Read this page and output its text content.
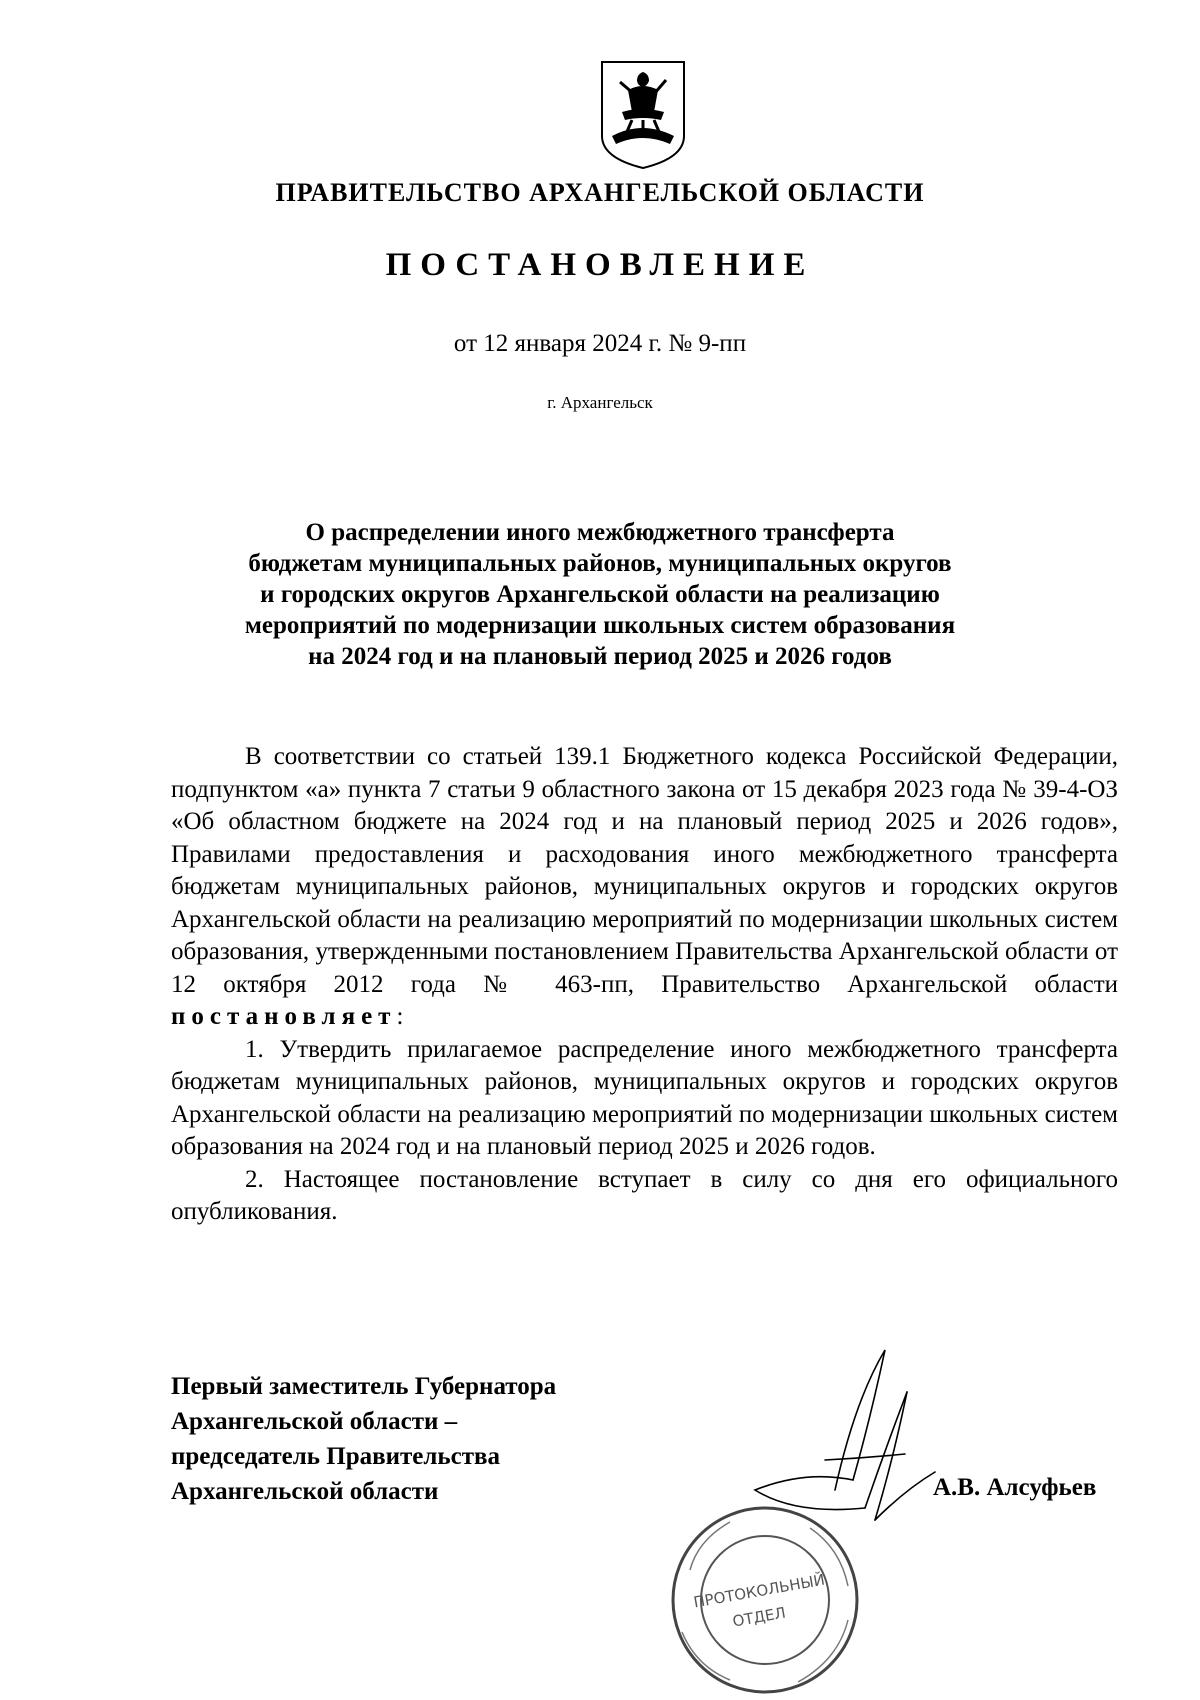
ПРАВИТЕЛЬСТВО АРХАНГЕЛЬСКОЙ ОБЛАСТИ
ПОСТАНОВЛЕНИЕ
от 12 января 2024 г. № 9-пп
г. Архангельск
О распределении иного межбюджетного трансферта
бюджетам муниципальных районов, муниципальных округов
и городских округов Архангельской области на реализацию
мероприятий по модернизации школьных систем образования
на 2024 год и на плановый период 2025 и 2026 годов

В соответствии со статьей 139.1 Бюджетного кодекса Российской Федерации, подпунктом «а» пункта 7 статьи 9 областного закона от 15 декабря 2023 года № 39-4-ОЗ «Об областном бюджете на 2024 год и на плановый период 2025 и 2026 годов», Правилами предоставления и расходования иного межбюджетного трансферта бюджетам муниципальных районов, муниципальных округов и городских округов Архангельской области на реализацию мероприятий по модернизации школьных систем образования, утвержденными постановлением Правительства Архангельской области от 12 октября 2012 года № 463-пп, Правительство Архангельской области постановляет:

1. Утвердить прилагаемое распределение иного межбюджетного трансферта бюджетам муниципальных районов, муниципальных округов и городских округов Архангельской области на реализацию мероприятий по модернизации школьных систем образования на 2024 год и на плановый период 2025 и 2026 годов.

2. Настоящее постановление вступает в силу со дня его официального опубликования.

Первый заместитель Губернатора
Архангельской области –
председатель Правительства
Архангельской области
ПРОТОКОЛЬНЫЙ
ОТДЕЛ
А.В. Алсуфьев
